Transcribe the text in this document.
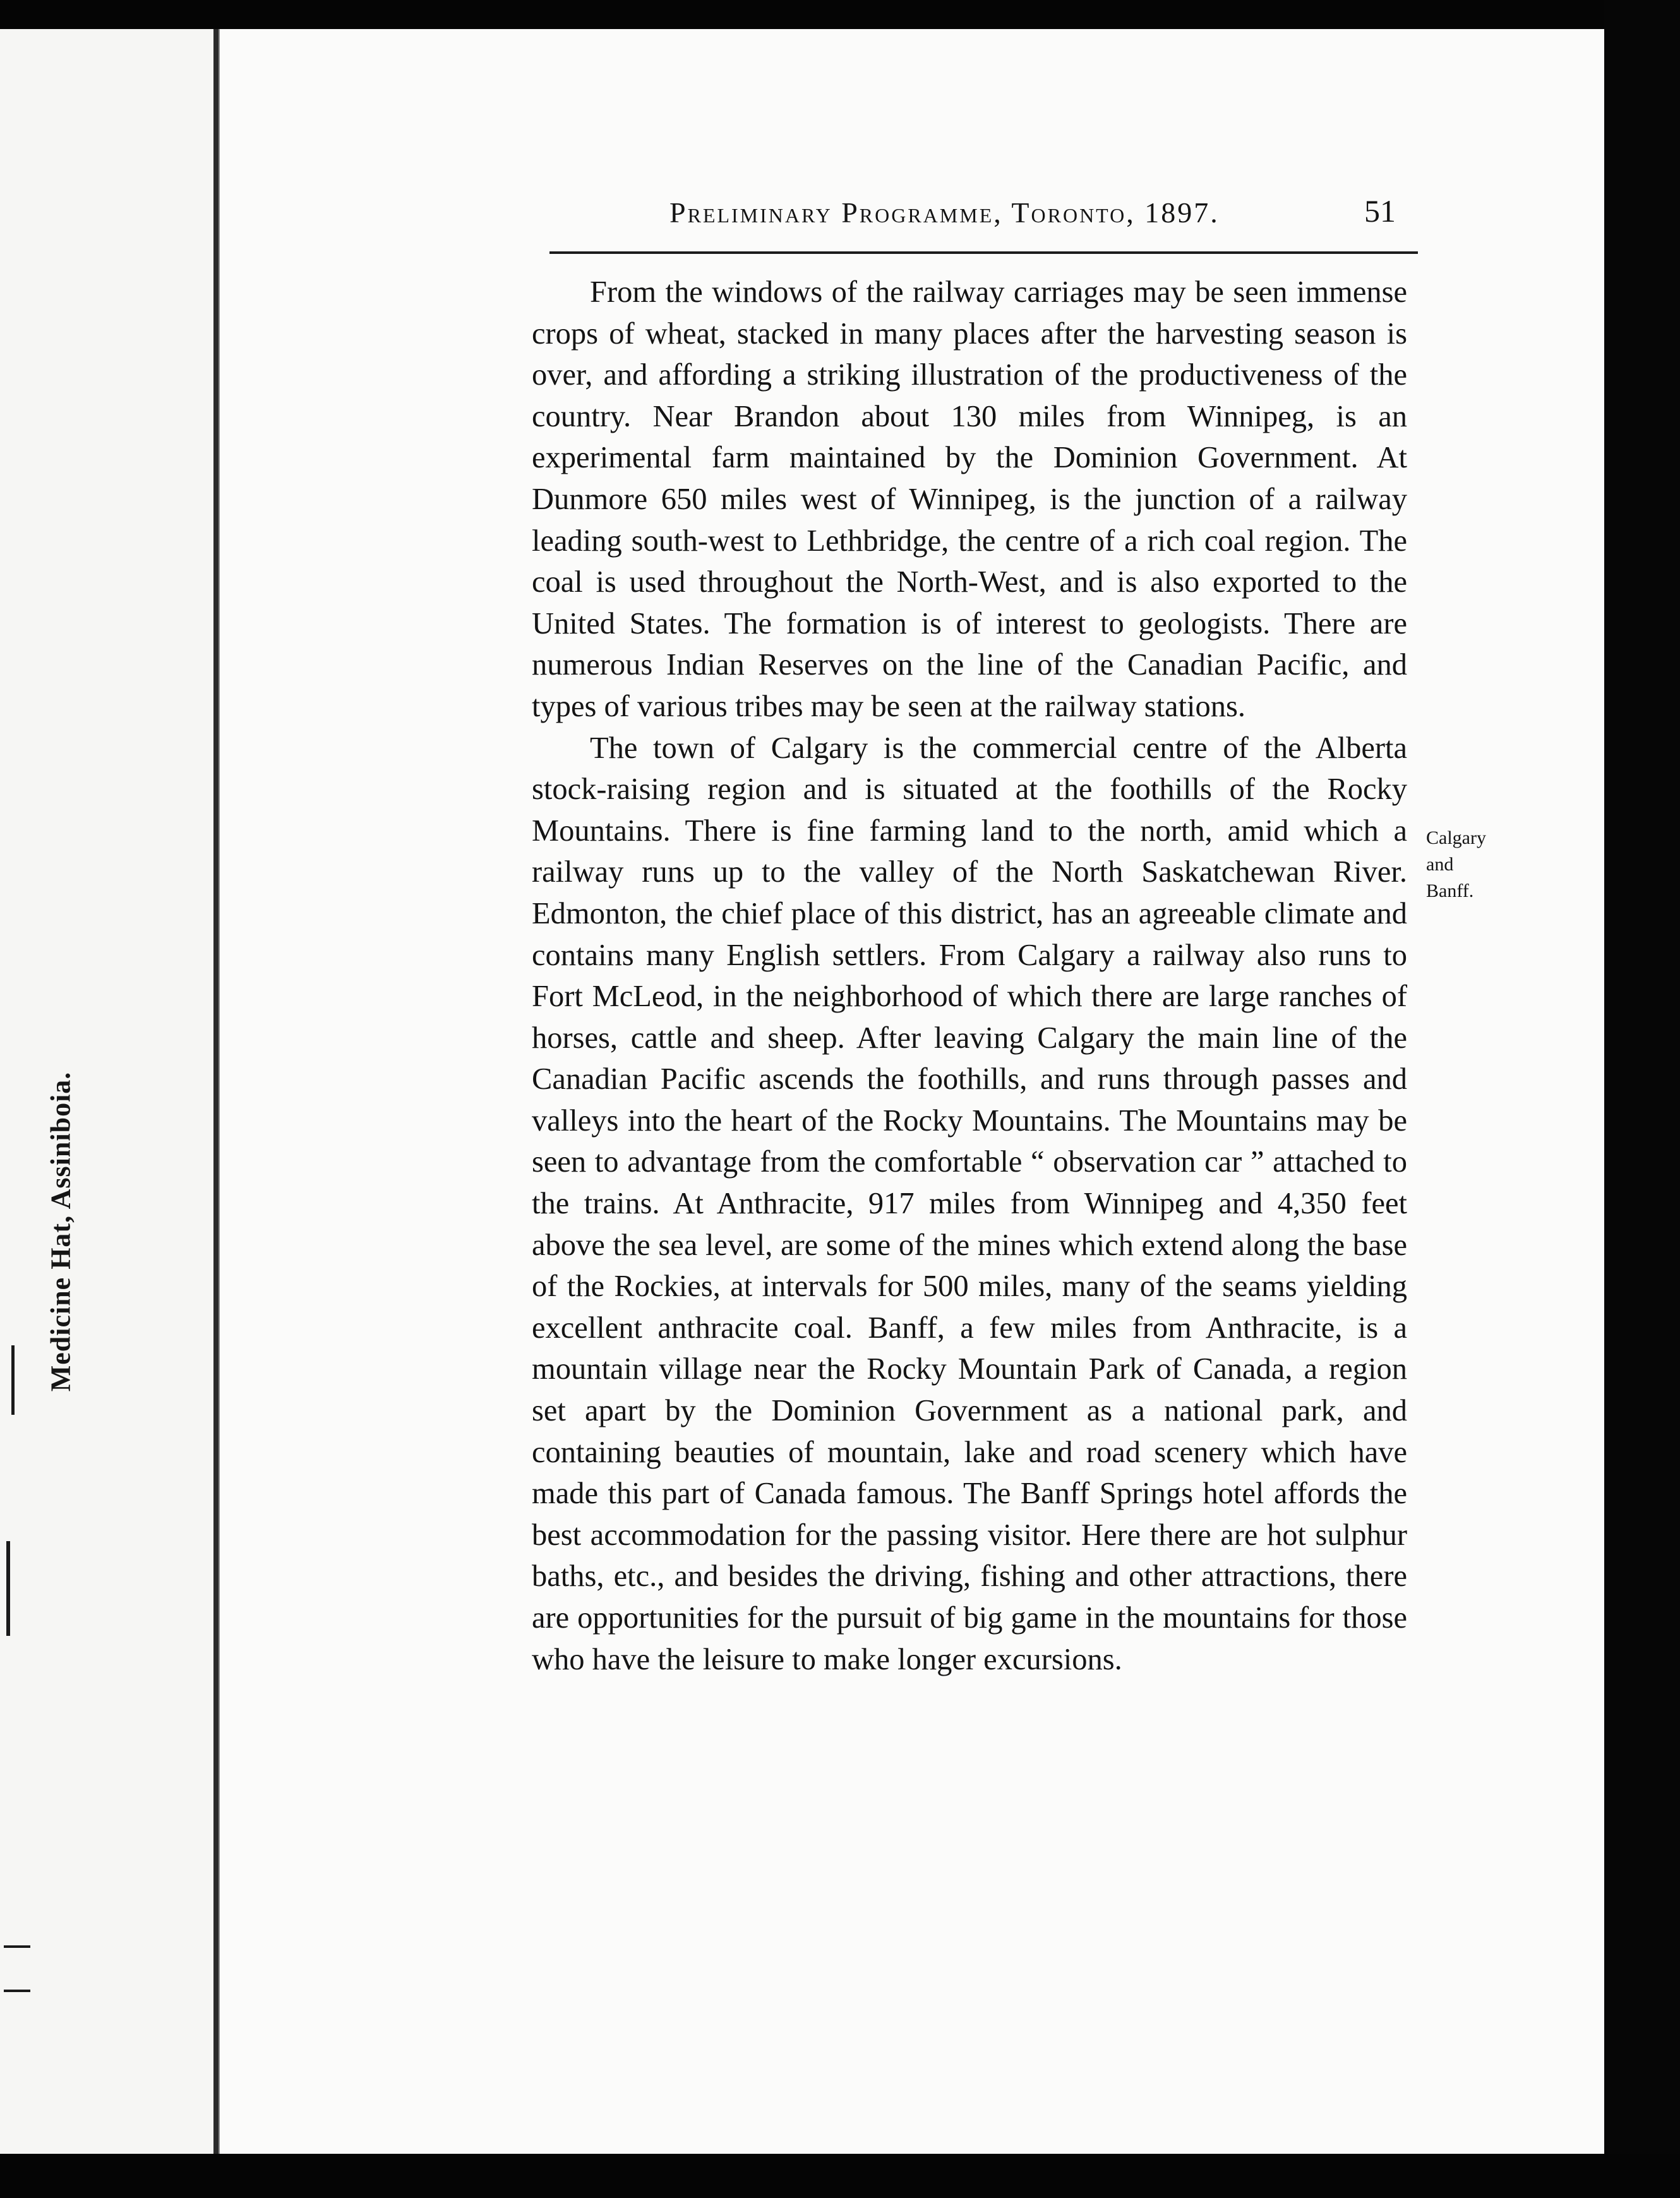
Medicine Hat, Assiniboia.
Preliminary Programme, Toronto, 1897.	51

From the windows of the railway carriages may be seen immense crops of wheat, stacked in many places after the harvesting season is over, and affording a striking illustration of the productiveness of the country. Near Brandon about 130 miles from Winnipeg, is an experimental farm maintained by the Dominion Government. At Dunmore 650 miles west of Winnipeg, is the junction of a railway leading south-west to Lethbridge, the centre of a rich coal region. The coal is used throughout the North-West, and is also exported to the United States. The formation is of interest to geologists. There are numerous Indian Reserves on the line of the Canadian Pacific, and types of various tribes may be seen at the railway stations.

The town of Calgary is the commercial centre of the Alberta stock-raising region and is situated at the foothills of the Rocky Mountains. There is fine farming land to the north, amid which a railway runs up to the valley of the North Saskatchewan River. Edmonton, the chief place of this district, has an agreeable climate and contains many English settlers. From Calgary a railway also runs to Fort McLeod, in the neighborhood of which there are large ranches of horses, cattle and sheep. After leaving Calgary the main line of the Canadian Pacific ascends the foothills, and runs through passes and valleys into the heart of the Rocky Mountains. The Mountains may be seen to advantage from the comfortable “ observation car ” attached to the trains. At Anthracite, 917 miles from Winnipeg and 4,350 feet above the sea level, are some of the mines which extend along the base of the Rockies, at intervals for 500 miles, many of the seams yielding excellent anthracite coal. Banff, a few miles from Anthracite, is a mountain village near the Rocky Mountain Park of Canada, a region set apart by the Dominion Government as a national park, and containing beauties of mountain, lake and road scenery which have made this part of Canada famous. The Banff Springs hotel affords the best accommodation for the passing visitor. Here there are hot sulphur baths, etc., and besides the driving, fishing and other attractions, there are opportunities for the pursuit of big game in the mountains for those who have the leisure to make longer excursions.

Calgary
and
Banff.
